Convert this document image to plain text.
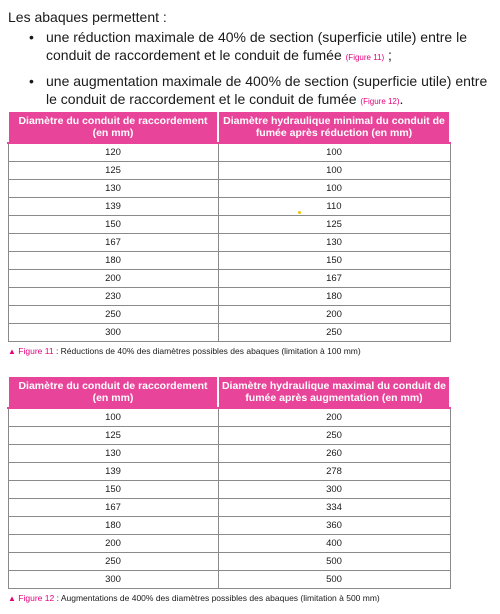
Les abaques permettent :
• une réduction maximale de 40% de section (superficie utile) entre le conduit de raccordement et le conduit de fumée (Figure 11) ;
• une augmentation maximale de 400% de section (superficie utile) entre le conduit de raccordement et le conduit de fumée (Figure 12).
Diamètre du conduit de raccordement (en mm)	Diamètre hydraulique minimal du conduit de fumée après réduction (en mm)
120	100
125	100
130	100
139	110
150	125
167	130
180	150
200	167
230	180
250	200
300	250
▲ Figure 11 : Réductions de 40% des diamètres possibles des abaques (limitation à 100 mm)
Diamètre du conduit de raccordement (en mm)	Diamètre hydraulique maximal du conduit de fumée après augmentation (en mm)
100	200
125	250
130	260
139	278
150	300
167	334
180	360
200	400
250	500
300	500
▲ Figure 12 : Augmentations de 400% des diamètres possibles des abaques (limitation à 500 mm)
